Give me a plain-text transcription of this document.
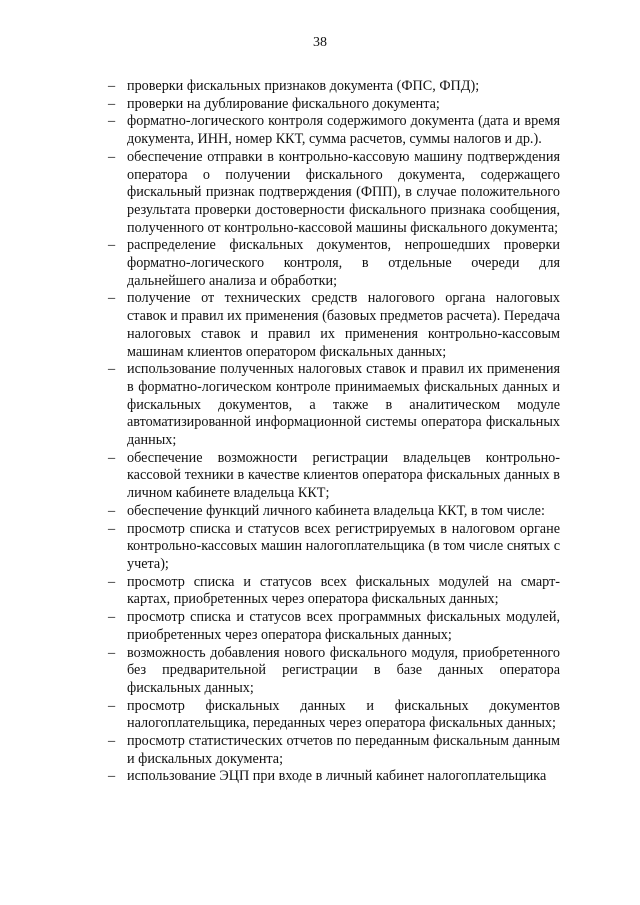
38
– проверки фискальных признаков документа (ФПС, ФПД);
– проверки на дублирование фискального документа;
– форматно-логического контроля содержимого документа (дата и время документа, ИНН, номер ККТ, сумма расчетов, суммы налогов и др.).
– обеспечение отправки в контрольно-кассовую машину подтверждения оператора о получении фискального документа, содержащего фискальный признак подтверждения (ФПП), в случае положительного результата проверки достоверности фискального признака сообщения, полученного от контрольно-кассовой машины фискального документа;
– распределение фискальных документов, непрошедших проверки форматно-логического контроля, в отдельные очереди для дальнейшего анализа и обработки;
– получение от технических средств налогового органа налоговых ставок и правил их применения (базовых предметов расчета). Передача налоговых ставок и правил их применения контрольно-кассовым машинам клиентов оператором фискальных данных;
– использование полученных налоговых ставок и правил их применения в форматно-логическом контроле принимаемых фискальных данных и фискальных документов, а также в аналитическом модуле автоматизированной информационной системы оператора фискальных данных;
– обеспечение возможности регистрации владельцев контрольно-кассовой техники в качестве клиентов оператора фискальных данных в личном кабинете владельца ККТ;
– обеспечение функций личного кабинета владельца ККТ, в том числе:
– просмотр списка и статусов всех регистрируемых в налоговом органе контрольно-кассовых машин налогоплательщика (в том числе снятых с учета);
– просмотр списка и статусов всех фискальных модулей на смарт-картах, приобретенных через оператора фискальных данных;
– просмотр списка и статусов всех программных фискальных модулей, приобретенных через оператора фискальных данных;
– возможность добавления нового фискального модуля, приобретенного без предварительной регистрации в базе данных оператора фискальных данных;
– просмотр фискальных данных и фискальных документов налогоплательщика, переданных через оператора фискальных данных;
– просмотр статистических отчетов по переданным фискальным данным и фискальных документа;
– использование ЭЦП при входе в личный кабинет налогоплательщика
